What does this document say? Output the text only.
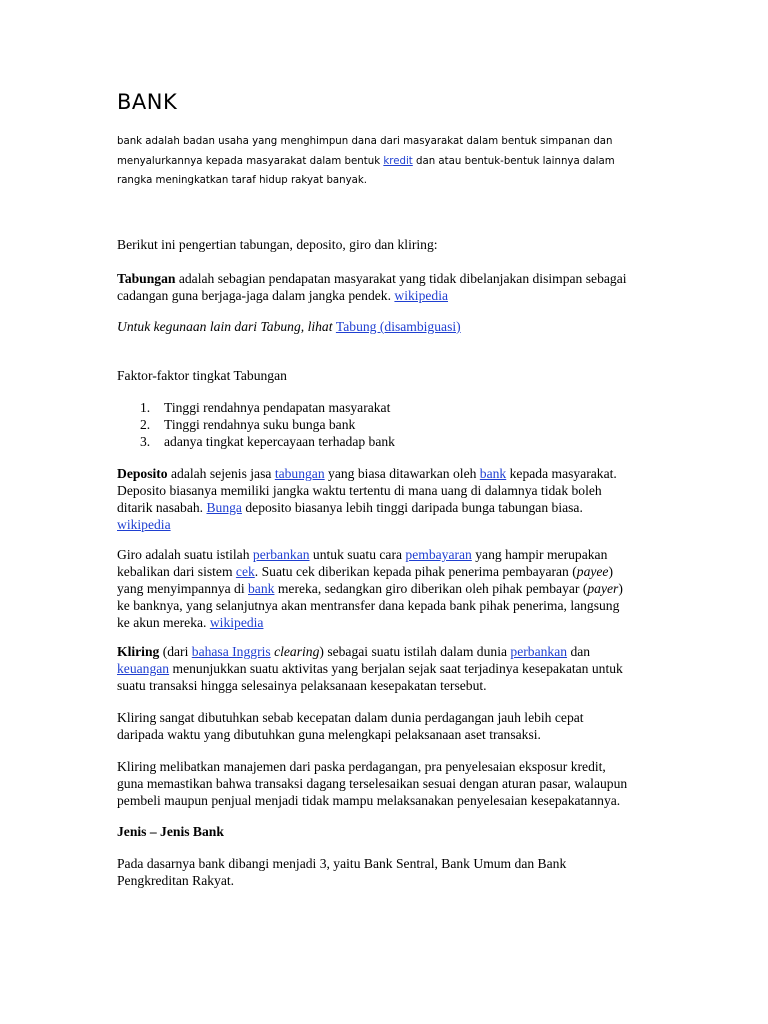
BANK
bank adalah badan usaha yang menghimpun dana dari masyarakat dalam bentuk simpanan dan
menyalurkannya kepada masyarakat dalam bentuk kredit dan atau bentuk-bentuk lainnya dalam
rangka meningkatkan taraf hidup rakyat banyak.
Berikut ini pengertian tabungan, deposito, giro dan kliring:
Tabungan adalah sebagian pendapatan masyarakat yang tidak dibelanjakan disimpan sebagai
cadangan guna berjaga-jaga dalam jangka pendek. wikipedia
Untuk kegunaan lain dari Tabung, lihat Tabung (disambiguasi)
Faktor-faktor tingkat Tabungan
1. Tinggi rendahnya pendapatan masyarakat
2. Tinggi rendahnya suku bunga bank
3. adanya tingkat kepercayaan terhadap bank
Deposito adalah sejenis jasa tabungan yang biasa ditawarkan oleh bank kepada masyarakat.
Deposito biasanya memiliki jangka waktu tertentu di mana uang di dalamnya tidak boleh
ditarik nasabah. Bunga deposito biasanya lebih tinggi daripada bunga tabungan biasa.
wikipedia
Giro adalah suatu istilah perbankan untuk suatu cara pembayaran yang hampir merupakan
kebalikan dari sistem cek. Suatu cek diberikan kepada pihak penerima pembayaran (payee)
yang menyimpannya di bank mereka, sedangkan giro diberikan oleh pihak pembayar (payer)
ke banknya, yang selanjutnya akan mentransfer dana kepada bank pihak penerima, langsung
ke akun mereka. wikipedia
Kliring (dari bahasa Inggris clearing) sebagai suatu istilah dalam dunia perbankan dan
keuangan menunjukkan suatu aktivitas yang berjalan sejak saat terjadinya kesepakatan untuk
suatu transaksi hingga selesainya pelaksanaan kesepakatan tersebut.
Kliring sangat dibutuhkan sebab kecepatan dalam dunia perdagangan jauh lebih cepat
daripada waktu yang dibutuhkan guna melengkapi pelaksanaan aset transaksi.
Kliring melibatkan manajemen dari paska perdagangan, pra penyelesaian eksposur kredit,
guna memastikan bahwa transaksi dagang terselesaikan sesuai dengan aturan pasar, walaupun
pembeli maupun penjual menjadi tidak mampu melaksanakan penyelesaian kesepakatannya.
Jenis – Jenis Bank
Pada dasarnya bank dibangi menjadi 3, yaitu Bank Sentral, Bank Umum dan Bank
Pengkreditan Rakyat.
